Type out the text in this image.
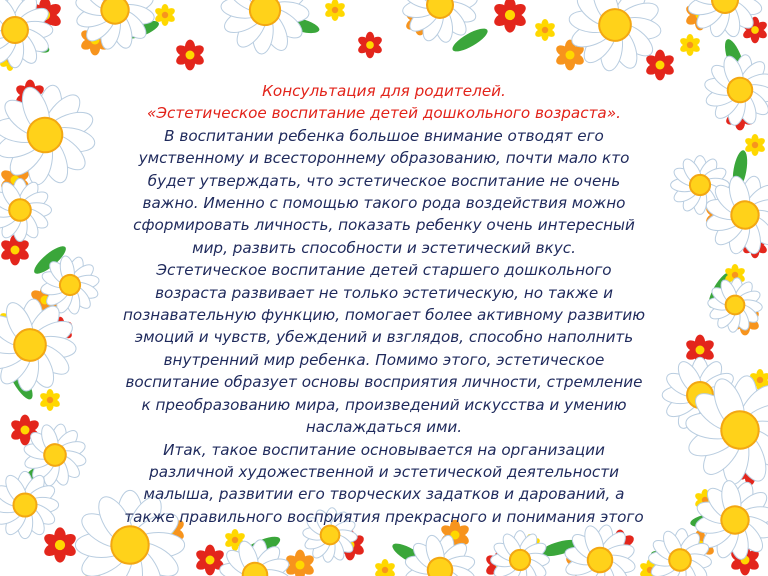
Консультация для родителей.

«Эстетическое воспитание детей дошкольного возраста».

В воспитании ребенка большое внимание отводят его

умственному и всестороннему образованию, почти мало кто

будет утверждать, что эстетическое воспитание не очень

важно. Именно с помощью такого рода воздействия можно

сформировать личность, показать ребенку очень интересный

мир, развить способности и эстетический вкус.

Эстетическое воспитание детей старшего дошкольного

возраста развивает не только эстетическую, но также и

познавательную функцию, помогает более активному развитию

эмоций и чувств, убеждений и взглядов, способно наполнить

внутренний мир ребенка. Помимо этого, эстетическое

воспитание образует основы восприятия личности, стремление

к преобразованию мира, произведений искусства и умению

наслаждаться ими.

Итак, такое воспитание основывается на организации

различной художественной и эстетической деятельности

малыша, развитии его творческих задатков и дарований, а

также правильного восприятия прекрасного и понимания этого
